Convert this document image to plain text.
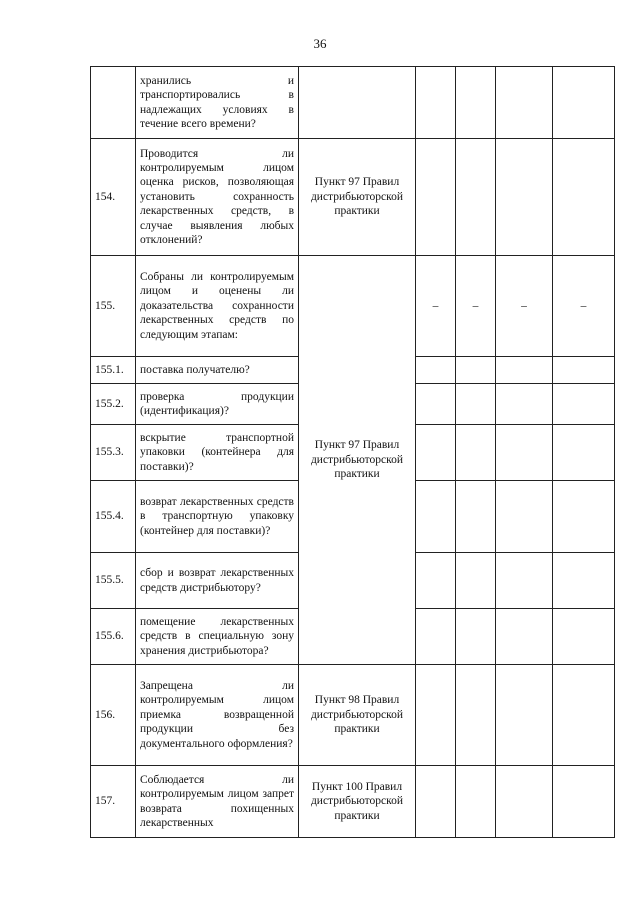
36
	хранились и транспортировались в надлежащих условиях в течение всего времени?					
154.	Проводится ли контролируемым лицом оценка рисков, позволяющая установить сохранность лекарственных средств, в случае выявления любых отклонений?	Пункт 97 Правил дистрибьюторской практики				
155.	Собраны ли контролируемым лицом и оценены ли доказательства сохранности лекарственных средств по следующим этапам:	Пункт 97 Правил дистрибьюторской практики	–	–	–	–
155.1.	поставка получателю?					
155.2.	проверка продукции (идентификация)?					
155.3.	вскрытие транспортной упаковки (контейнера для поставки)?					
155.4.	возврат лекарственных средств в транспортную упаковку (контейнер для поставки)?					
155.5.	сбор и возврат лекарственных средств дистрибьютору?					
155.6.	помещение лекарственных средств в специальную зону хранения дистрибьютора?					
156.	Запрещена ли контролируемым лицом приемка возвращенной продукции без документального оформления?	Пункт 98 Правил дистрибьюторской практики				
157.	Соблюдается ли контролируемым лицом запрет возврата похищенных лекарственных	Пункт 100 Правил дистрибьюторской практики				
